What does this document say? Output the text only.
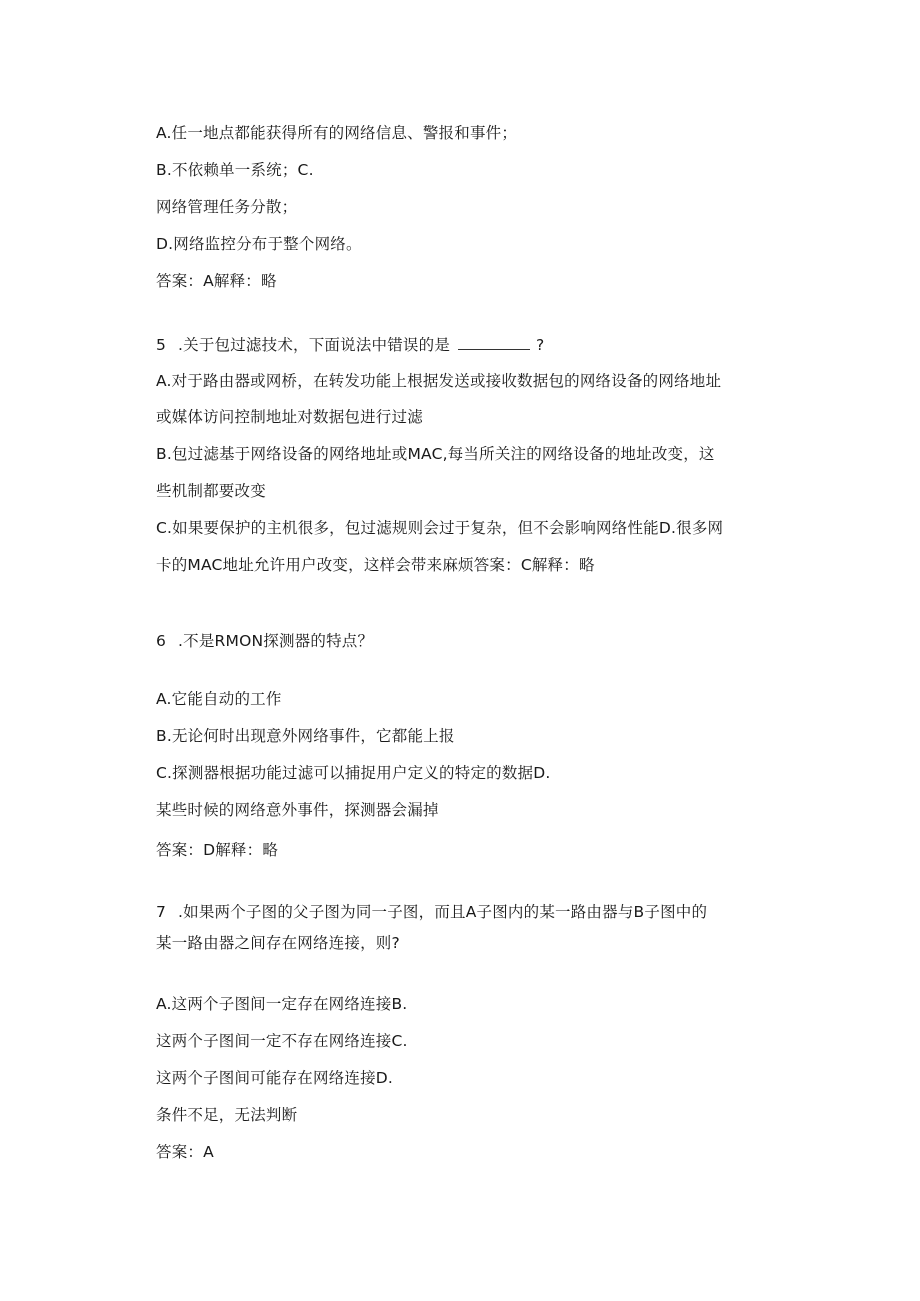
A.任一地点都能获得所有的网络信息、警报和事件；
B.不依赖单一系统；C.
网络管理任务分散；
D.网络监控分布于整个网络。
答案：A解释：略
5 .关于包过滤技术，下面说法中错误的是	?
A.对于路由器或网桥，在转发功能上根据发送或接收数据包的网络设备的网络地址
或媒体访问控制地址对数据包进行过滤
B.包过滤基于网络设备的网络地址或MAC,每当所关注的网络设备的地址改变，这
些机制都要改变
C.如果要保护的主机很多，包过滤规则会过于复杂，但不会影响网络性能D.很多网
卡的MAC地址允许用户改变，这样会带来麻烦答案：C解释：略
6 .不是RMON探测器的特点？
A.它能自动的工作
B.无论何时出现意外网络事件，它都能上报
C.探测器根据功能过滤可以捕捉用户定义的特定的数据D.
某些时候的网络意外事件，探测器会漏掉
答案：D解释：略
7 .如果两个子图的父子图为同一子图，而且A子图内的某一路由器与B子图中的
某一路由器之间存在网络连接，则?
A.这两个子图间一定存在网络连接B.
这两个子图间一定不存在网络连接C.
这两个子图间可能存在网络连接D.
条件不足，无法判断
答案：A
